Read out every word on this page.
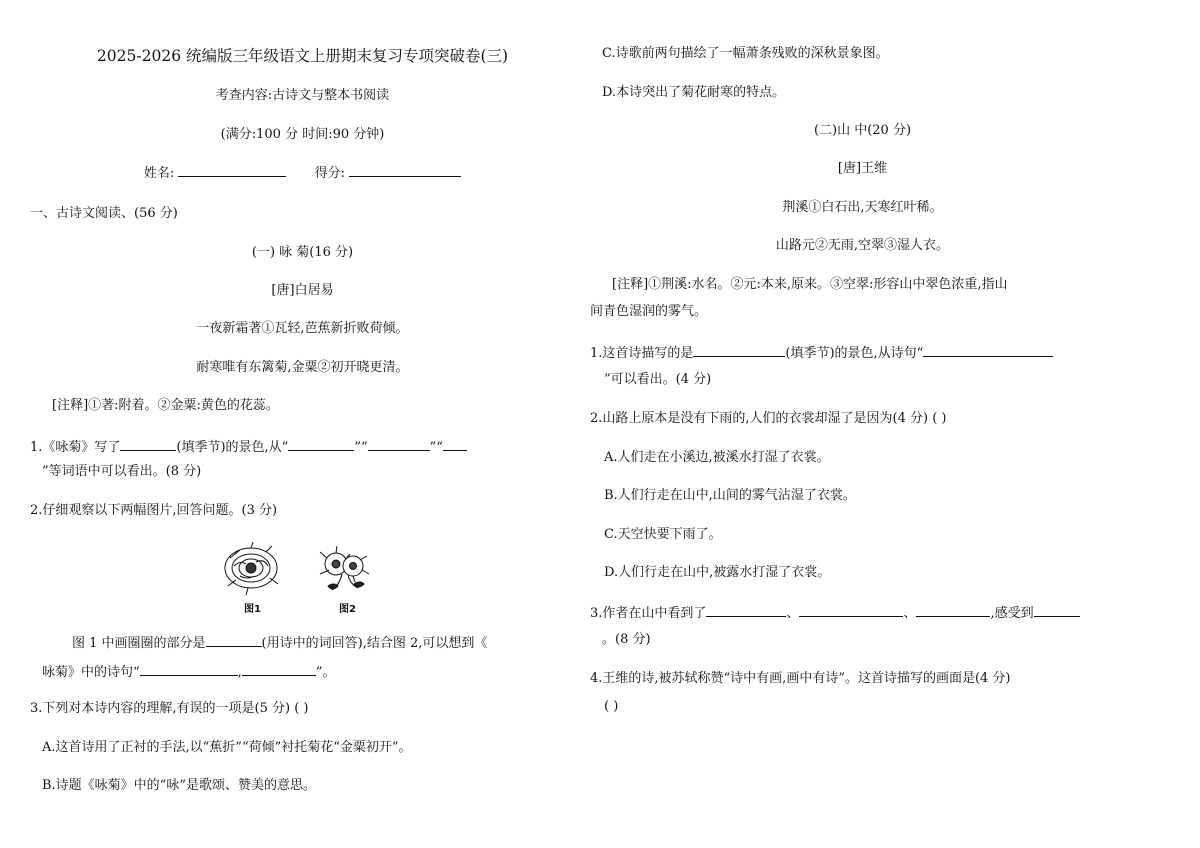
2025-2026 统编版三年级语文上册期末复习专项突破卷(三)
考查内容:古诗文与整本书阅读
(满分:100 分 时间:90 分钟)
姓名:	得分:
一、古诗文阅读、(56 分)
(一) 咏 菊(16 分)
[唐]白居易
一夜新霜著①瓦轻,芭蕉新折败荷倾。
耐寒唯有东篱菊,金粟②初开晓更清。
[注释]①著:附着。②金粟:黄色的花蕊。
1.《咏菊》写了	(填季节)的景色,从“	”“	”“
”等词语中可以看出。(8 分)
2.仔细观察以下两幅图片,回答问题。(3 分)
图1	图2
图 1 中画圈圈的部分是	(用诗中的词回答),结合图 2,可以想到《
咏菊》中的诗句“	,	”。
3.下列对本诗内容的理解,有误的一项是(5 分) ( )
A.这首诗用了正衬的手法,以“蕉折”“荷倾”衬托菊花“金粟初开”。
B.诗题《咏菊》中的“咏”是歌颂、赞美的意思。
C.诗歌前两句描绘了一幅萧条残败的深秋景象图。
D.本诗突出了菊花耐寒的特点。
(二)山 中(20 分)
[唐]王维
荆溪①白石出,天寒红叶稀。
山路元②无雨,空翠③湿人衣。
[注释]①荆溪:水名。②元:本来,原来。③空翠:形容山中翠色浓重,指山
间青色湿润的雾气。
1.这首诗描写的是	(填季节)的景色,从诗句“
”可以看出。(4 分)
2.山路上原本是没有下雨的,人们的衣裳却湿了是因为(4 分) ( )
A.人们走在小溪边,被溪水打湿了衣裳。
B.人们行走在山中,山间的雾气沾湿了衣裳。
C.天空快要下雨了。
D.人们行走在山中,被露水打湿了衣裳。
3.作者在山中看到了	、	、	,感受到
。(8 分)
4.王维的诗,被苏轼称赞“诗中有画,画中有诗”。这首诗描写的画面是(4 分)
( )
